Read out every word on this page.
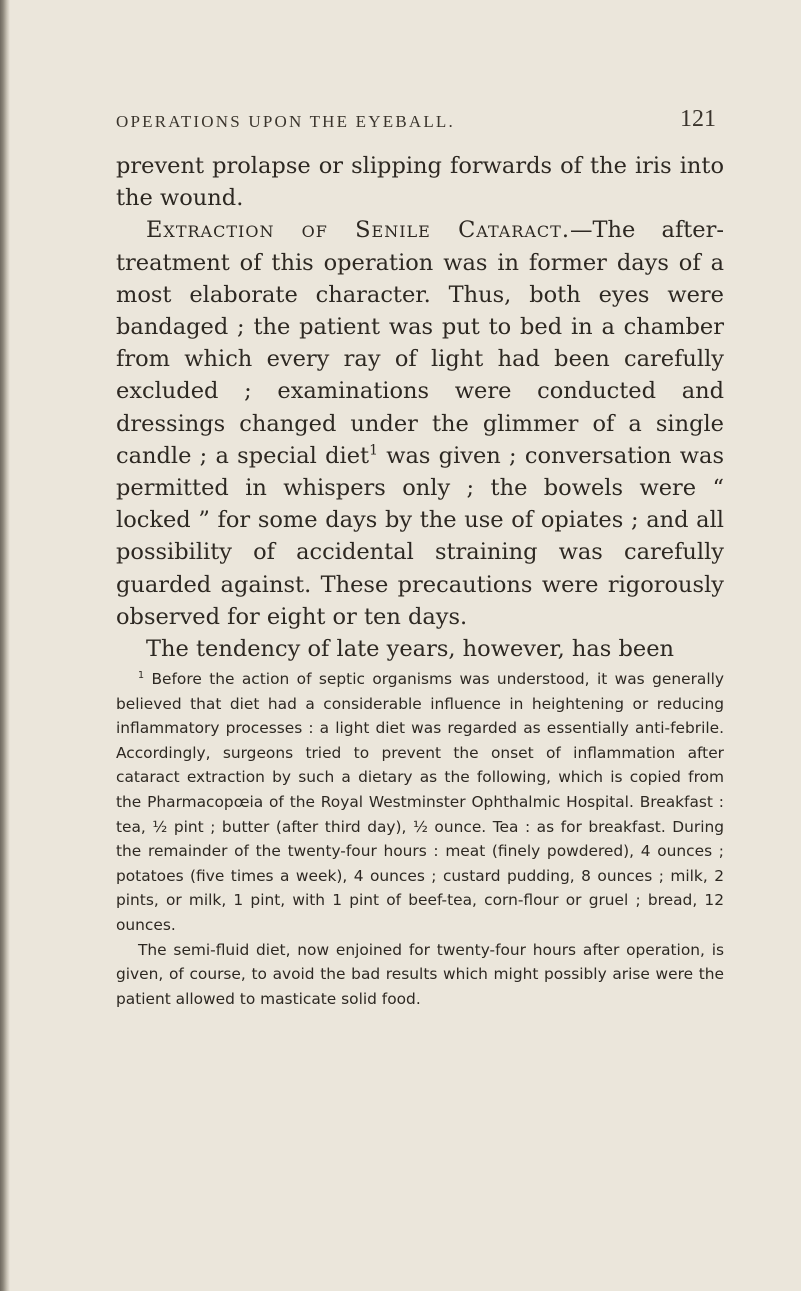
OPERATIONS UPON THE EYEBALL.	121

prevent prolapse or slipping forwards of the iris into the wound.

Extraction of Senile Cataract.—The after-treatment of this operation was in former days of a most elaborate character. Thus, both eyes were bandaged ; the patient was put to bed in a chamber from which every ray of light had been carefully excluded ; examinations were conducted and dressings changed under the glimmer of a single candle ; a special diet$^1$ was given ; conversation was permitted in whispers only ; the bowels were “ locked ” for some days by the use of opiates ; and all possibility of accidental straining was carefully guarded against. These precautions were rigorously observed for eight or ten days.

The tendency of late years, however, has been

$^1$ Before the action of septic organisms was understood, it was generally believed that diet had a considerable influence in heightening or reducing inflammatory processes : a light diet was regarded as essentially anti-febrile. Accordingly, surgeons tried to prevent the onset of inflammation after cataract extraction by such a dietary as the following, which is copied from the Pharmacopœia of the Royal Westminster Ophthalmic Hospital. Breakfast : tea, ½ pint ; butter (after third day), ½ ounce. Tea : as for breakfast. During the remainder of the twenty-four hours : meat (finely powdered), 4 ounces ; potatoes (five times a week), 4 ounces ; custard pudding, 8 ounces ; milk, 2 pints, or milk, 1 pint, with 1 pint of beef-tea, corn-flour or gruel ; bread, 12 ounces.

The semi-fluid diet, now enjoined for twenty-four hours after operation, is given, of course, to avoid the bad results which might possibly arise were the patient allowed to masticate solid food.
